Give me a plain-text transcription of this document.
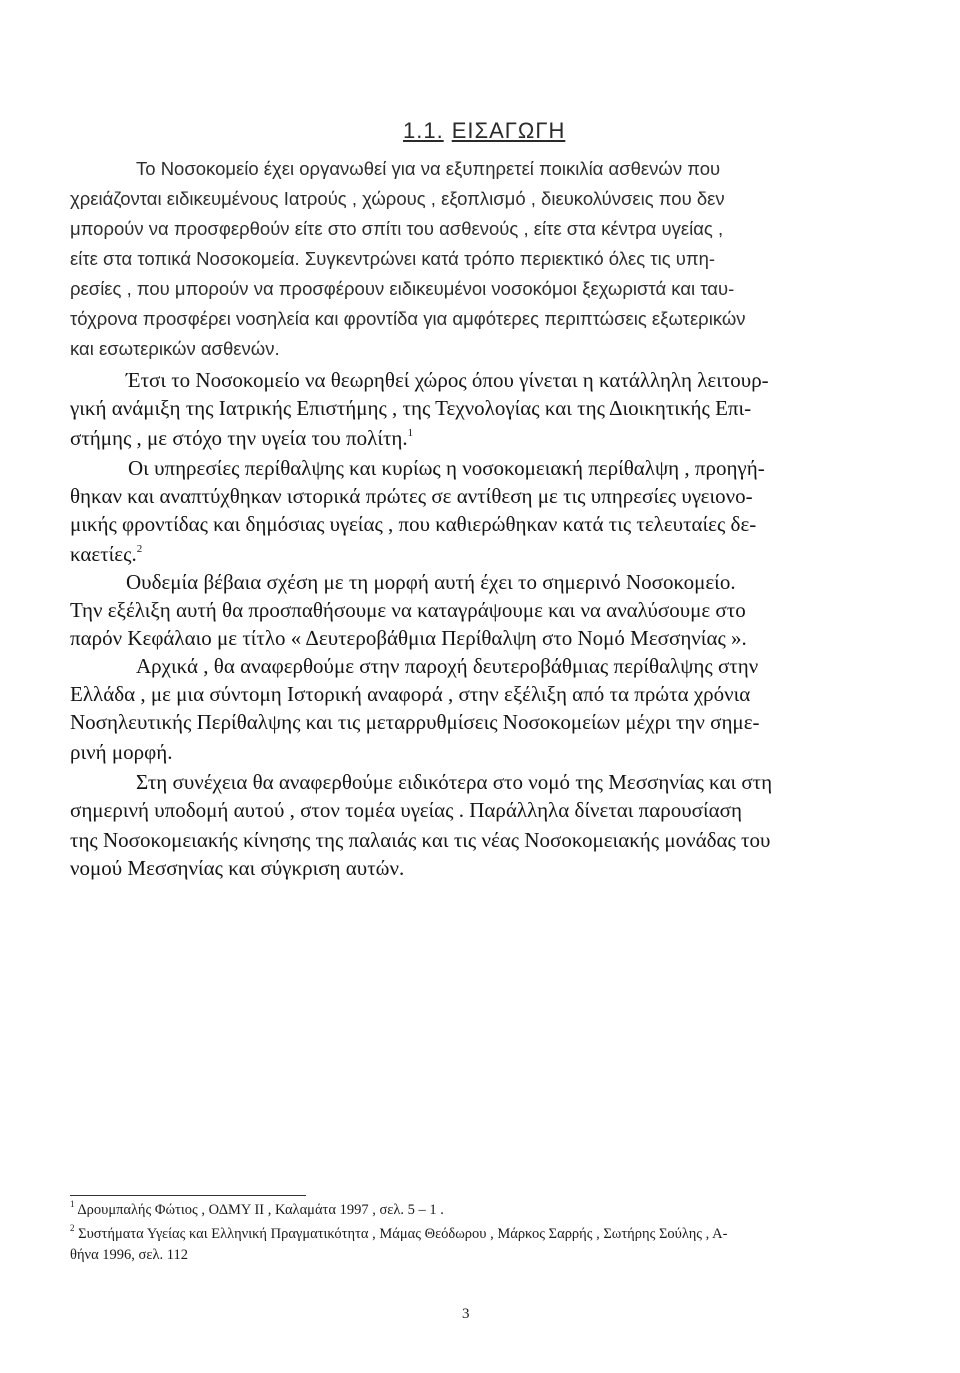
1.1. ΕΙΣΑΓΩΓΗ
Το Νοσοκομείο έχει οργανωθεί για να εξυπηρετεί ποικιλία ασθενών που
χρειάζονται ειδικευμένους Ιατρούς , χώρους , εξοπλισμό , διευκολύνσεις που δεν
μπορούν να προσφερθούν είτε στο σπίτι του ασθενούς , είτε στα κέντρα υγείας ,
είτε στα τοπικά Νοσοκομεία. Συγκεντρώνει κατά τρόπο περιεκτικό όλες τις υπη-
ρεσίες , που μπορούν να προσφέρουν ειδικευμένοι νοσοκόμοι ξεχωριστά και ταυ-
τόχρονα προσφέρει νοσηλεία και φροντίδα για αμφότερες περιπτώσεις εξωτερικών
και εσωτερικών ασθενών.
Έτσι το Νοσοκομείο να θεωρηθεί χώρος όπου γίνεται η κατάλληλη λειτουρ-
γική ανάμιξη της Ιατρικής Επιστήμης , της Τεχνολογίας και της Διοικητικής Επι-
στήμης , με στόχο την υγεία του πολίτη.$^1$
Οι υπηρεσίες περίθαλψης και κυρίως η νοσοκομειακή περίθαλψη , προηγή-
θηκαν και αναπτύχθηκαν ιστορικά πρώτες σε αντίθεση με τις υπηρεσίες υγειονο-
μικής φροντίδας και δημόσιας υγείας , που καθιερώθηκαν κατά τις τελευταίες δε-
καετίες.$^2$
Ουδεμία βέβαια σχέση με τη μορφή αυτή έχει το σημερινό Νοσοκομείο.
Την εξέλιξη αυτή θα προσπαθήσουμε να καταγράψουμε και να αναλύσουμε στο
παρόν Κεφάλαιο με τίτλο « Δευτεροβάθμια Περίθαλψη στο Νομό Μεσσηνίας ».
Αρχικά , θα αναφερθούμε στην παροχή δευτεροβάθμιας περίθαλψης στην
Ελλάδα , με μια σύντομη Ιστορική αναφορά , στην εξέλιξη από τα πρώτα χρόνια
Νοσηλευτικής Περίθαλψης και τις μεταρρυθμίσεις Νοσοκομείων μέχρι την σημε-
ρινή μορφή.
Στη συνέχεια θα αναφερθούμε ειδικότερα στο νομό της Μεσσηνίας και στη
σημερινή υποδομή αυτού , στον τομέα υγείας . Παράλληλα δίνεται παρουσίαση
της Νοσοκομειακής κίνησης της παλαιάς και τις νέας Νοσοκομειακής μονάδας του
νομού Μεσσηνίας και σύγκριση αυτών.
$^1$ Δρουμπαλής Φώτιος , ΟΔΜΥ ΙΙ , Καλαμάτα 1997 , σελ. 5 – 1 .
$^2$ Συστήματα Υγείας και Ελληνική Πραγματικότητα , Μάμας Θεόδωρου , Μάρκος Σαρρής , Σωτήρης Σούλης , Α-
θήνα 1996, σελ. 112
3
